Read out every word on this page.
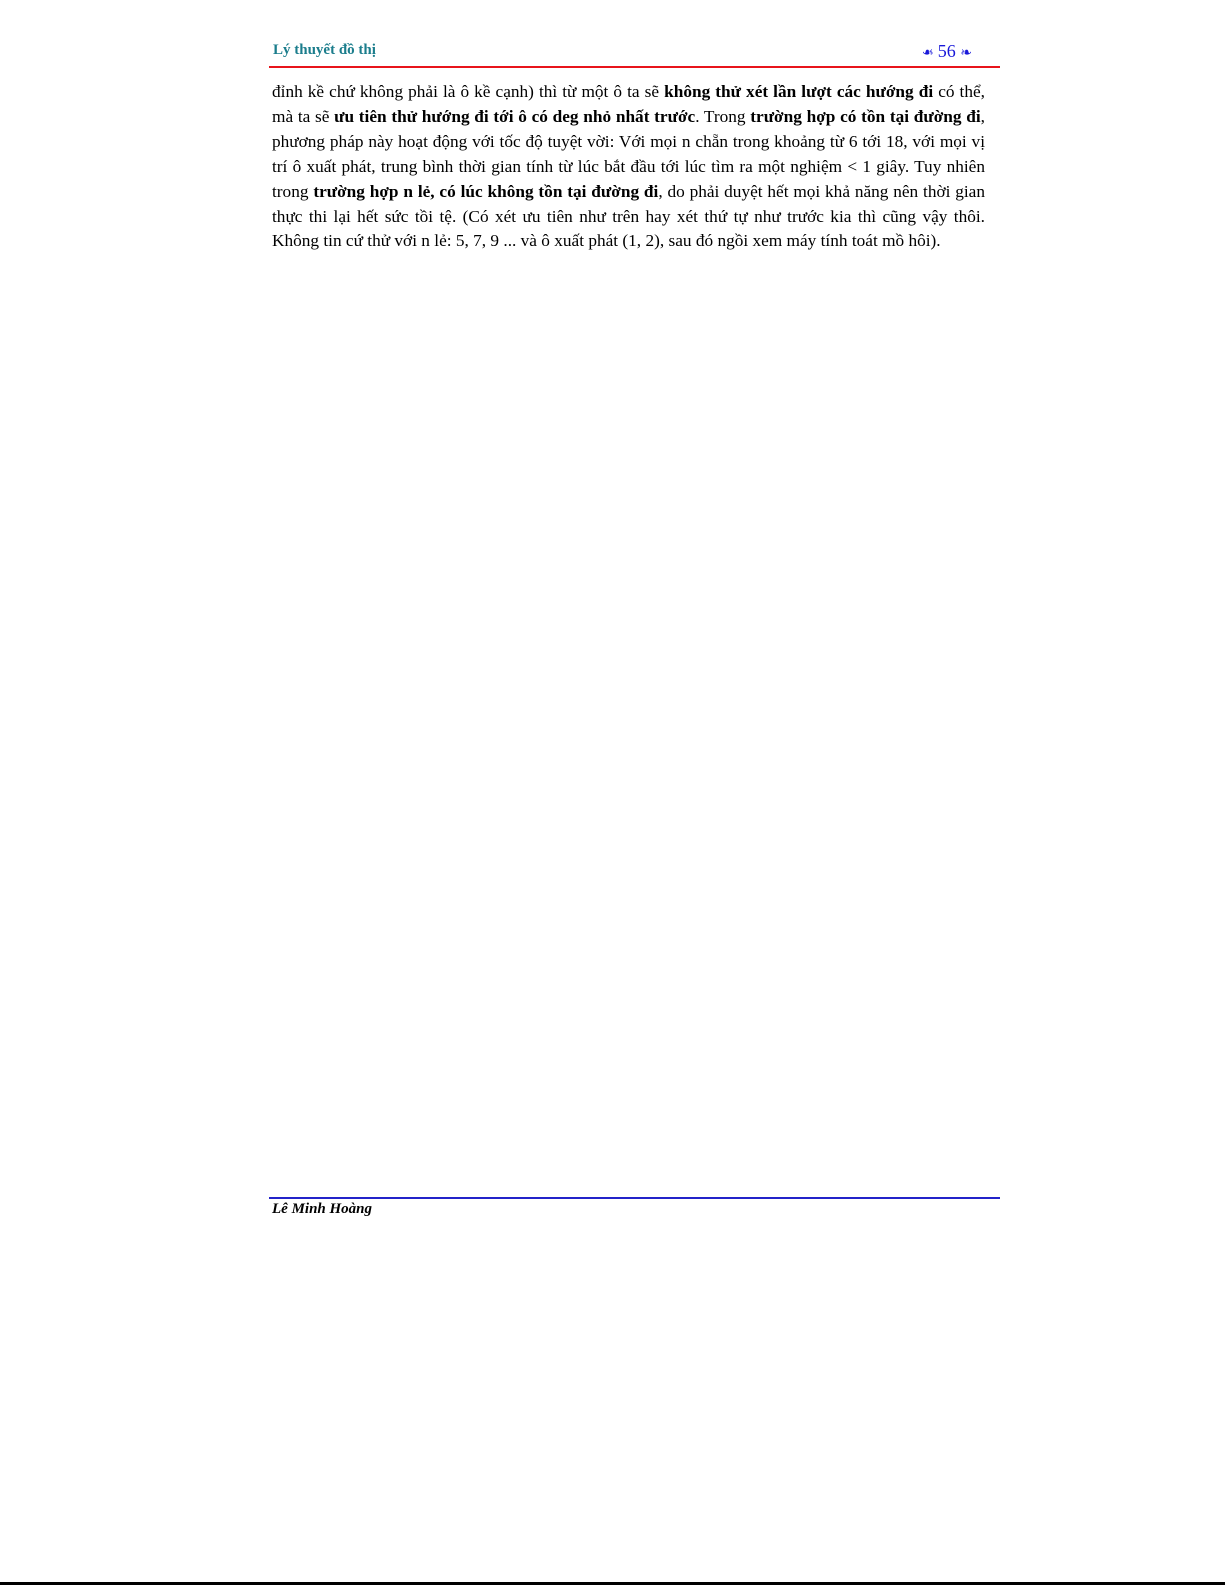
Lý thuyết đồ thị	❧ 56 ❧

đỉnh kề chứ không phải là ô kề cạnh) thì từ một ô ta sẽ không thử xét lần lượt các hướng đi có thể, mà ta sẽ ưu tiên thử hướng đi tới ô có deg nhỏ nhất trước. Trong trường hợp có tồn tại đường đi, phương pháp này hoạt động với tốc độ tuyệt vời: Với mọi n chẵn trong khoảng từ 6 tới 18, với mọi vị trí ô xuất phát, trung bình thời gian tính từ lúc bắt đầu tới lúc tìm ra một nghiệm < 1 giây. Tuy nhiên trong trường hợp n lẻ, có lúc không tồn tại đường đi, do phải duyệt hết mọi khả năng nên thời gian thực thi lại hết sức tồi tệ. (Có xét ưu tiên như trên hay xét thứ tự như trước kia thì cũng vậy thôi. Không tin cứ thử với n lẻ: 5, 7, 9 ... và ô xuất phát (1, 2), sau đó ngồi xem máy tính toát mồ hôi).

Lê Minh Hoàng
